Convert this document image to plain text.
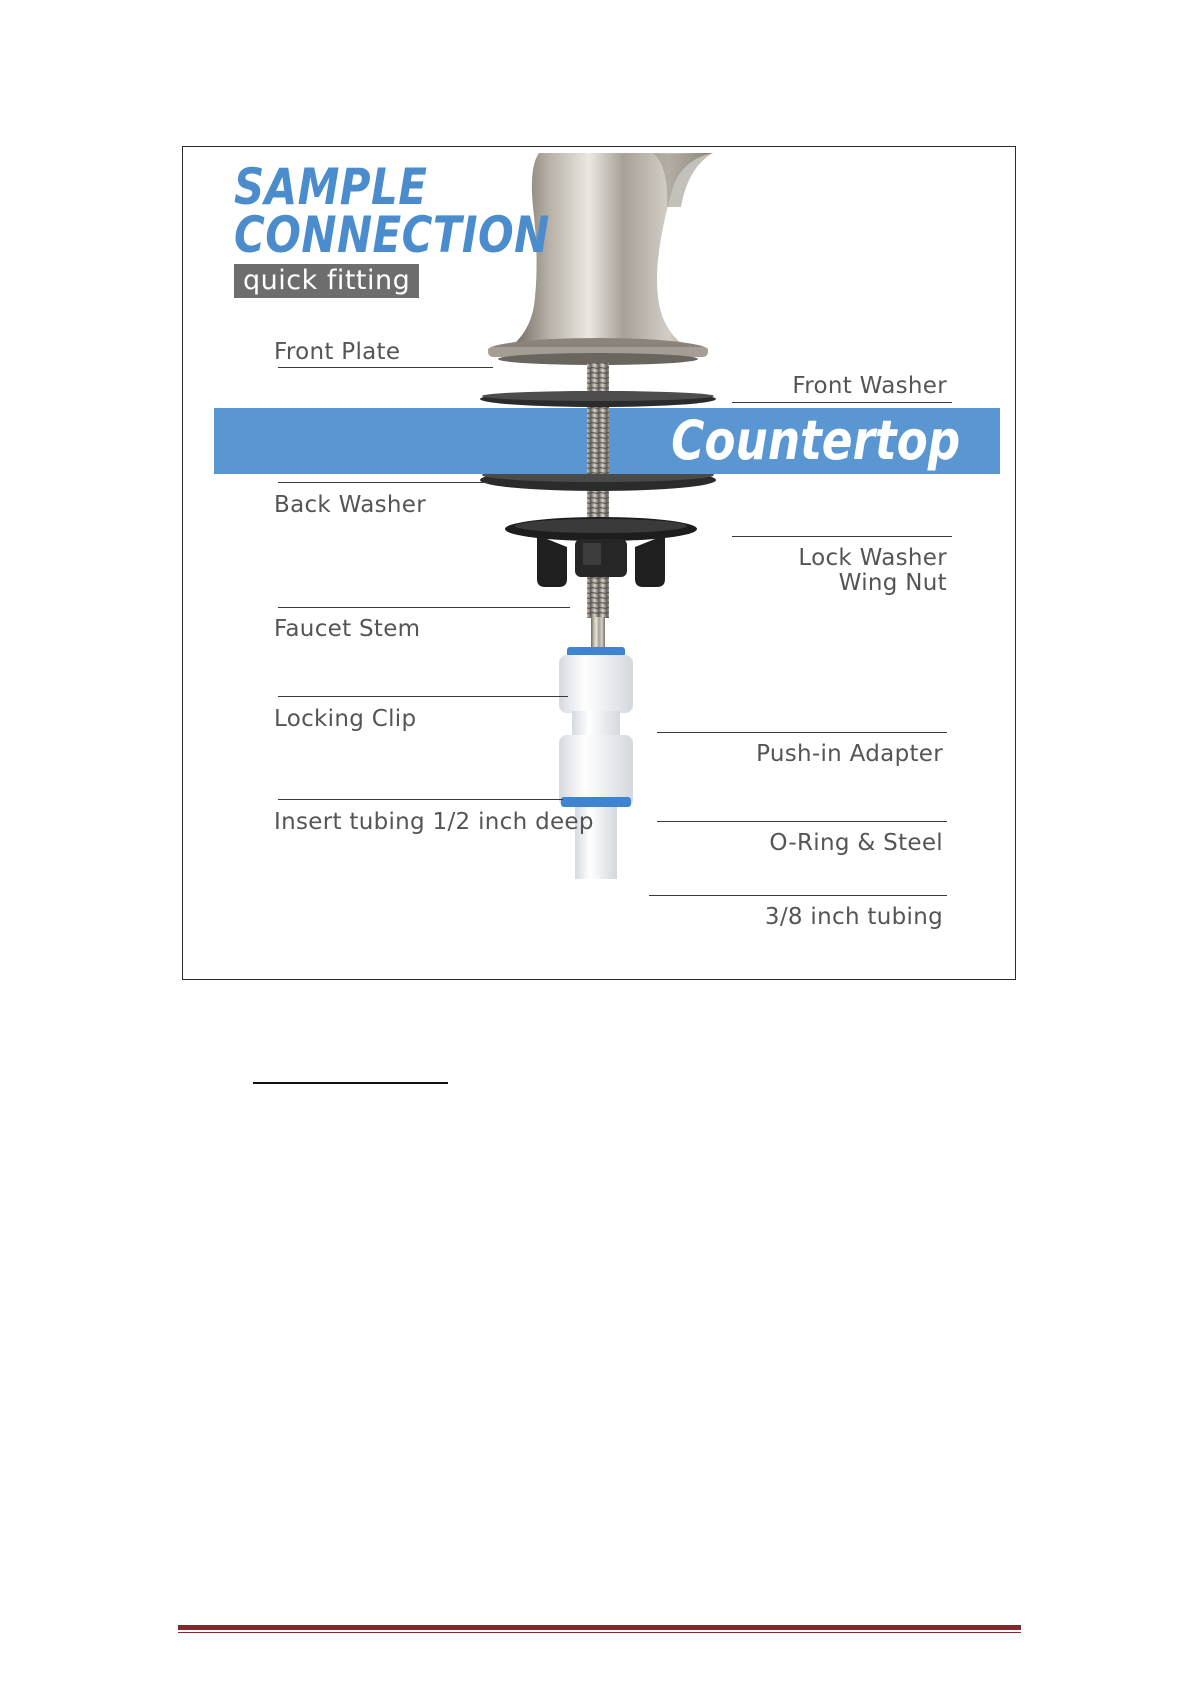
SAMPLE
CONNECTION
quick fitting
Countertop
Front Plate
Back Washer
Faucet Stem
Locking Clip
Insert tubing 1/2 inch deep
Front Washer
Lock Washer
Wing Nut
Push-in Adapter
O-Ring & Steel
3/8 inch tubing
